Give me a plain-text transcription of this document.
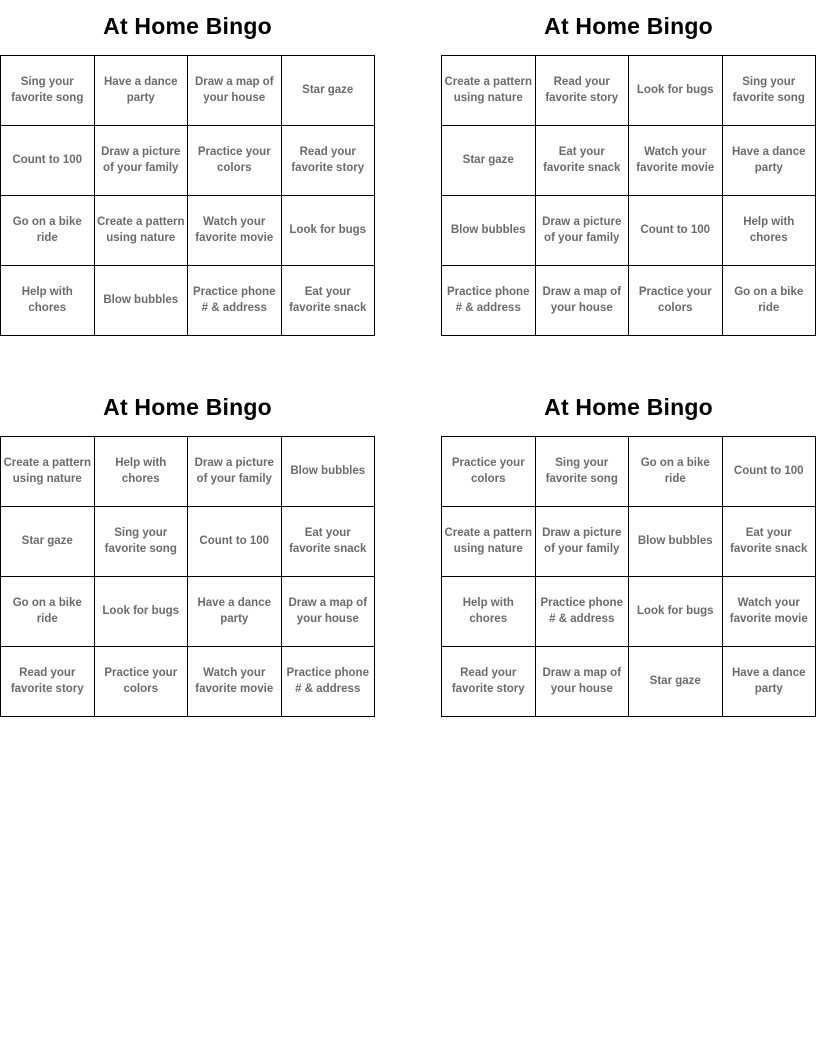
At Home Bingo
Sing your favorite song	Have a dance party	Draw a map of your house	Star gaze
Count to 100	Draw a picture of your family	Practice your colors	Read your favorite story
Go on a bike ride	Create a pattern using nature	Watch your favorite movie	Look for bugs
Help with chores	Blow bubbles	Practice phone # & address	Eat your favorite snack
At Home Bingo
Create a pattern using nature	Read your favorite story	Look for bugs	Sing your favorite song
Star gaze	Eat your favorite snack	Watch your favorite movie	Have a dance party
Blow bubbles	Draw a picture of your family	Count to 100	Help with chores
Practice phone # & address	Draw a map of your house	Practice your colors	Go on a bike ride
At Home Bingo
Create a pattern using nature	Help with chores	Draw a picture of your family	Blow bubbles
Star gaze	Sing your favorite song	Count to 100	Eat your favorite snack
Go on a bike ride	Look for bugs	Have a dance party	Draw a map of your house
Read your favorite story	Practice your colors	Watch your favorite movie	Practice phone # & address
At Home Bingo
Practice your colors	Sing your favorite song	Go on a bike ride	Count to 100
Create a pattern using nature	Draw a picture of your family	Blow bubbles	Eat your favorite snack
Help with chores	Practice phone # & address	Look for bugs	Watch your favorite movie
Read your favorite story	Draw a map of your house	Star gaze	Have a dance party
